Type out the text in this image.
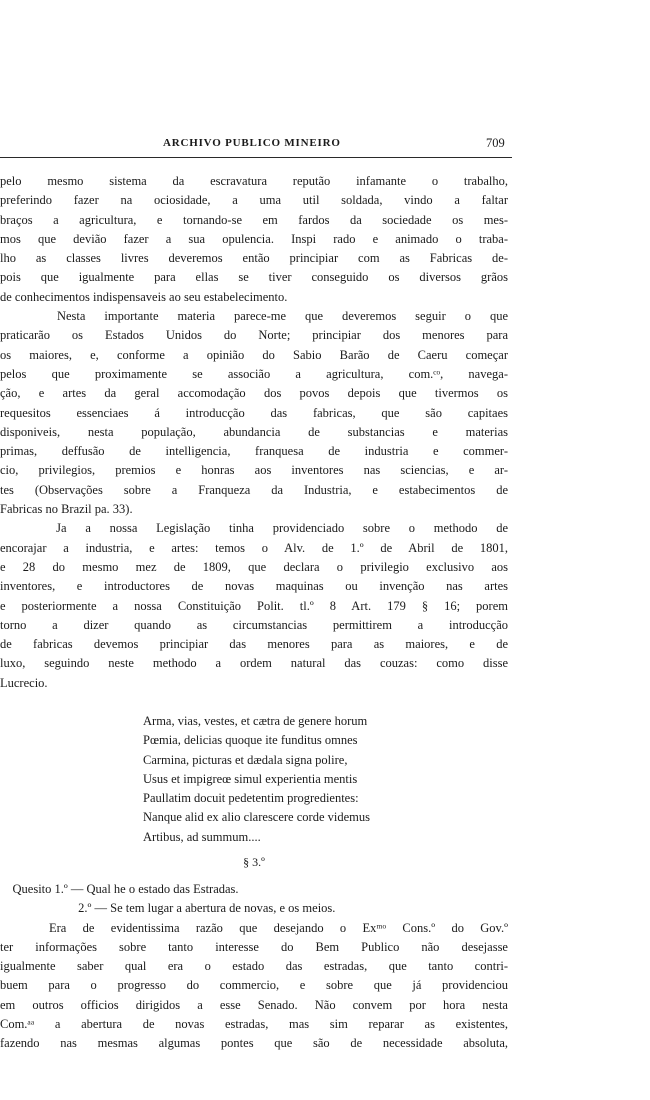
ARCHIVO PUBLICO MINEIRO	709
pelo mesmo sistema da escravatura reputão infamante o trabalho,
preferindo fazer na ociosidade, a uma util soldada, vindo a faltar
braços a agricultura, e tornando-se em fardos da sociedade os mes-
mos que devião fazer a sua opulencia. Inspi rado e animado o traba-
lho as classes livres deveremos então principiar com as Fabricas de-
pois que igualmente para ellas se tiver conseguido os diversos grãos
de conhecimentos indispensaveis ao seu estabelecimento.
Nesta importante materia parece-me que deveremos seguir o que
praticarão os Estados Unidos do Norte; principiar dos menores para
os maiores, e, conforme a opinião do Sabio Barão de Caeru começar
pelos que proximamente se associão a agricultura, com.ᶜᵒ, navega-
ção, e artes da geral accomodação dos povos depois que tivermos os
requesitos essenciaes á introducção das fabricas, que são capitaes
disponiveis, nesta população, abundancia de substancias e materias
primas, deffusão de intelligencia, franquesa de industria e commer-
cio, privilegios, premios e honras aos inventores nas sciencias, e ar-
tes (Observações sobre a Franqueza da Industria, e estabecimentos de
Fabricas no Brazil pa. 33).
Ja a nossa Legislação tinha providenciado sobre o methodo de
encorajar a industria, e artes: temos o Alv. de 1.º de Abril de 1801,
e 28 do mesmo mez de 1809, que declara o privilegio exclusivo aos
inventores, e introductores de novas maquinas ou invenção nas artes
e posteriormente a nossa Constituição Polit. tl.º 8 Art. 179 § 16; porem
torno a dizer quando as circumstancias permittirem a introducção
de fabricas devemos principiar das menores para as maiores, e de
luxo, seguindo neste methodo a ordem natural das couzas: como disse
Lucrecio.
Arma, vias, vestes, et cætra de genere horum
Pœmia, delicias quoque ite funditus omnes
Carmina, picturas et dædala signa polire,
Usus et impigreœ simul experientia mentis
Paullatim docuit pedetentim progredientes:
Nanque alid ex alio clarescere corde videmus
Artibus, ad summum....
§ 3.º
Quesito 1.º — Qual he o estado das Estradas.
2.º — Se tem lugar a abertura de novas, e os meios.
Era de evidentissima razão que desejando o Exᵐᵒ Cons.º do Gov.º
ter informações sobre tanto interesse do Bem Publico não desejasse
igualmente saber qual era o estado das estradas, que tanto contri-
buem para o progresso do commercio, e sobre que já providenciou
em outros officios dirigidos a esse Senado. Não convem por hora nesta
Com.ᵃᵃ a abertura de novas estradas, mas sim reparar as existentes,
fazendo nas mesmas algumas pontes que são de necessidade absoluta,
